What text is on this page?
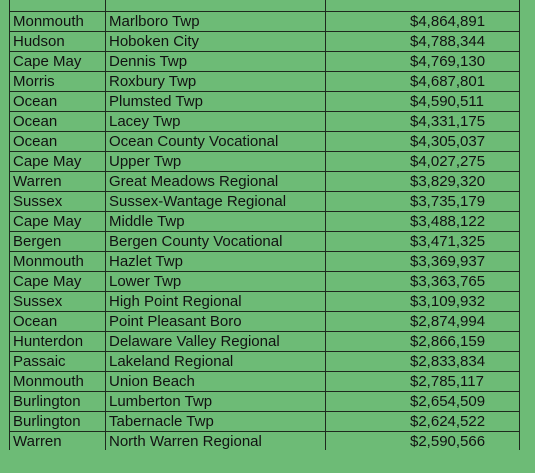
Monmouth	Marlboro Twp	$4,864,891
Hudson	Hoboken City	$4,788,344
Cape May	Dennis Twp	$4,769,130
Morris	Roxbury Twp	$4,687,801
Ocean	Plumsted Twp	$4,590,511
Ocean	Lacey Twp	$4,331,175
Ocean	Ocean County Vocational	$4,305,037
Cape May	Upper Twp	$4,027,275
Warren	Great Meadows Regional	$3,829,320
Sussex	Sussex-Wantage Regional	$3,735,179
Cape May	Middle Twp	$3,488,122
Bergen	Bergen County Vocational	$3,471,325
Monmouth	Hazlet Twp	$3,369,937
Cape May	Lower Twp	$3,363,765
Sussex	High Point Regional	$3,109,932
Ocean	Point Pleasant Boro	$2,874,994
Hunterdon	Delaware Valley Regional	$2,866,159
Passaic	Lakeland Regional	$2,833,834
Monmouth	Union Beach	$2,785,117
Burlington	Lumberton Twp	$2,654,509
Burlington	Tabernacle Twp	$2,624,522
Warren	North Warren Regional	$2,590,566
